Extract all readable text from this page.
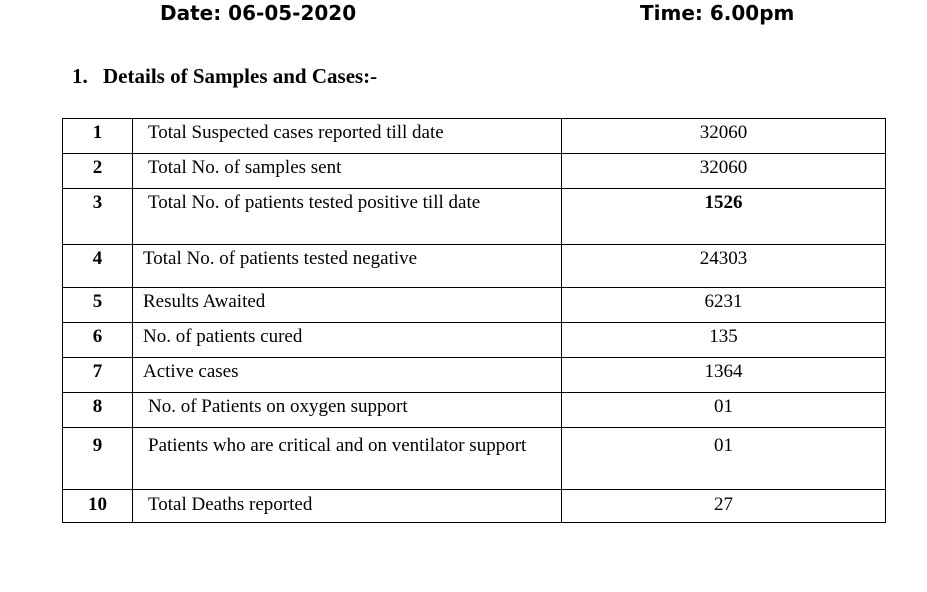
Date: 06-05-2020	Time: 6.00pm
1. Details of Samples and Cases:-
1	Total Suspected cases reported till date	32060
2	Total No. of samples sent	32060
3	Total No. of patients tested positive till date	1526
4	Total No. of patients tested negative	24303
5	Results Awaited	6231
6	No. of patients cured	135
7	Active cases	1364
8	No. of Patients on oxygen support	01
9	Patients who are critical and on ventilator support	01
10	Total Deaths reported	27
